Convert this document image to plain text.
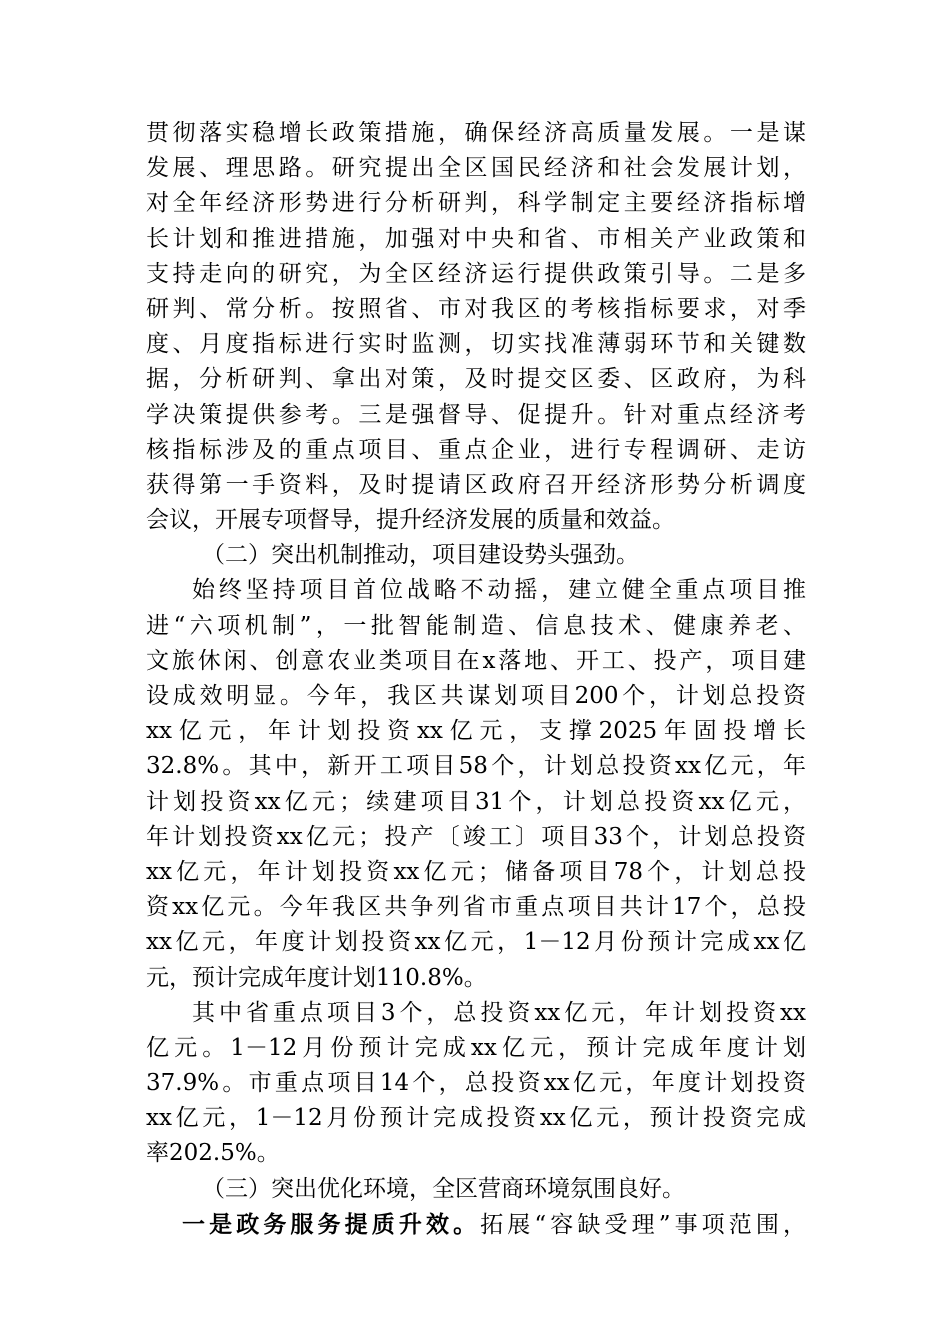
贯彻落实稳增长政策措施，确保经济高质量发展。一是谋
发展、理思路。研究提出全区国民经济和社会发展计划，
对全年经济形势进行分析研判，科学制定主要经济指标增
长计划和推进措施，加强对中央和省、市相关产业政策和
支持走向的研究，为全区经济运行提供政策引导。二是多
研判、常分析。按照省、市对我区的考核指标要求，对季
度、月度指标进行实时监测，切实找准薄弱环节和关键数
据，分析研判、拿出对策，及时提交区委、区政府，为科
学决策提供参考。三是强督导、促提升。针对重点经济考
核指标涉及的重点项目、重点企业，进行专程调研、走访
获得第一手资料，及时提请区政府召开经济形势分析调度
会议，开展专项督导，提升经济发展的质量和效益。
（二）突出机制推动，项目建设势头强劲。
始终坚持项目首位战略不动摇，建立健全重点项目推
进“六项机制”，一批智能制造、信息技术、健康养老、
文旅休闲、创意农业类项目在x落地、开工、投产，项目建
设成效明显。今年，我区共谋划项目200个，计划总投资
xx亿元，年计划投资xx亿元，支撑2025年固投增长
32.8%。其中，新开工项目58个，计划总投资xx亿元，年
计划投资xx亿元；续建项目31个，计划总投资xx亿元，
年计划投资xx亿元；投产〔竣工〕项目33个，计划总投资
xx亿元，年计划投资xx亿元；储备项目78个，计划总投
资xx亿元。今年我区共争列省市重点项目共计17个，总投
xx亿元，年度计划投资xx亿元，1－12月份预计完成xx亿
元，预计完成年度计划110.8%。
其中省重点项目3个，总投资xx亿元，年计划投资xx
亿元。1－12月份预计完成xx亿元，预计完成年度计划
37.9%。市重点项目14个，总投资xx亿元，年度计划投资
xx亿元，1－12月份预计完成投资xx亿元，预计投资完成
率202.5%。
（三）突出优化环境，全区营商环境氛围良好。
一是政务服务提质升效。拓展“容缺受理”事项范围，
